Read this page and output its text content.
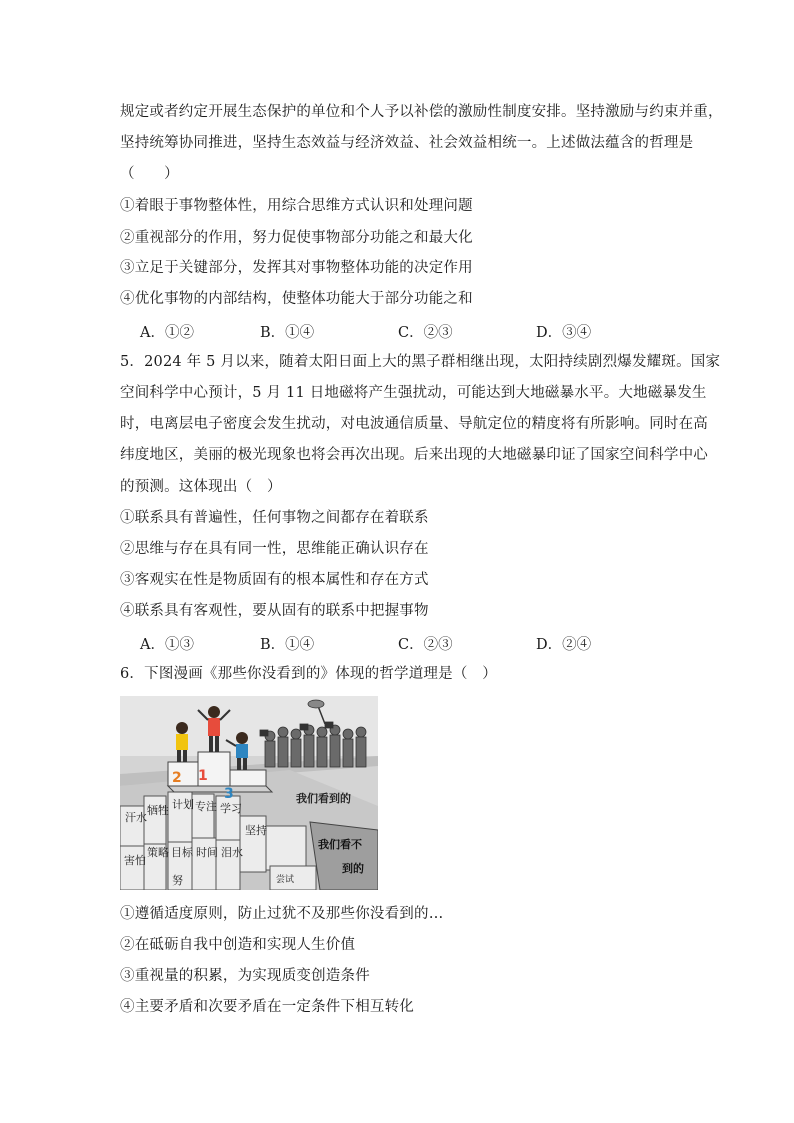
规定或者约定开展生态保护的单位和个人予以补偿的激励性制度安排。坚持激励与约束并重，
坚持统筹协同推进，坚持生态效益与经济效益、社会效益相统一。上述做法蕴含的哲理是
（　　）
①着眼于事物整体性，用综合思维方式认识和处理问题
②重视部分的作用，努力促使事物部分功能之和最大化
③立足于关键部分，发挥其对事物整体功能的决定作用
④优化事物的内部结构，使整体功能大于部分功能之和
A．①②	B．①④	C．②③	D．③④
5．2024 年 5 月以来，随着太阳日面上大的黑子群相继出现，太阳持续剧烈爆发耀斑。国家
空间科学中心预计，5 月 11 日地磁将产生强扰动，可能达到大地磁暴水平。大地磁暴发生
时，电离层电子密度会发生扰动，对电波通信质量、导航定位的精度将有所影响。同时在高
纬度地区，美丽的极光现象也将会再次出现。后来出现的大地磁暴印证了国家空间科学中心
的预测。这体现出（　）
①联系具有普遍性，任何事物之间都存在着联系
②思维与存在具有同一性，思维能正确认识存在
③客观实在性是物质固有的根本属性和存在方式
④联系具有客观性，要从固有的联系中把握事物
A．①③	B．①④	C．②③	D．②④
6．下图漫画《那些你没看到的》体现的哲学道理是（　）
汗水
牺牲 计划 专注 学习
害怕
策略 目标 时间 泪水
坚持
努	尝试
2 1
3	我们看到的
我们看不
到的
①遵循适度原则，防止过犹不及那些你没看到的…
②在砥砺自我中创造和实现人生价值
③重视量的积累，为实现质变创造条件
④主要矛盾和次要矛盾在一定条件下相互转化
